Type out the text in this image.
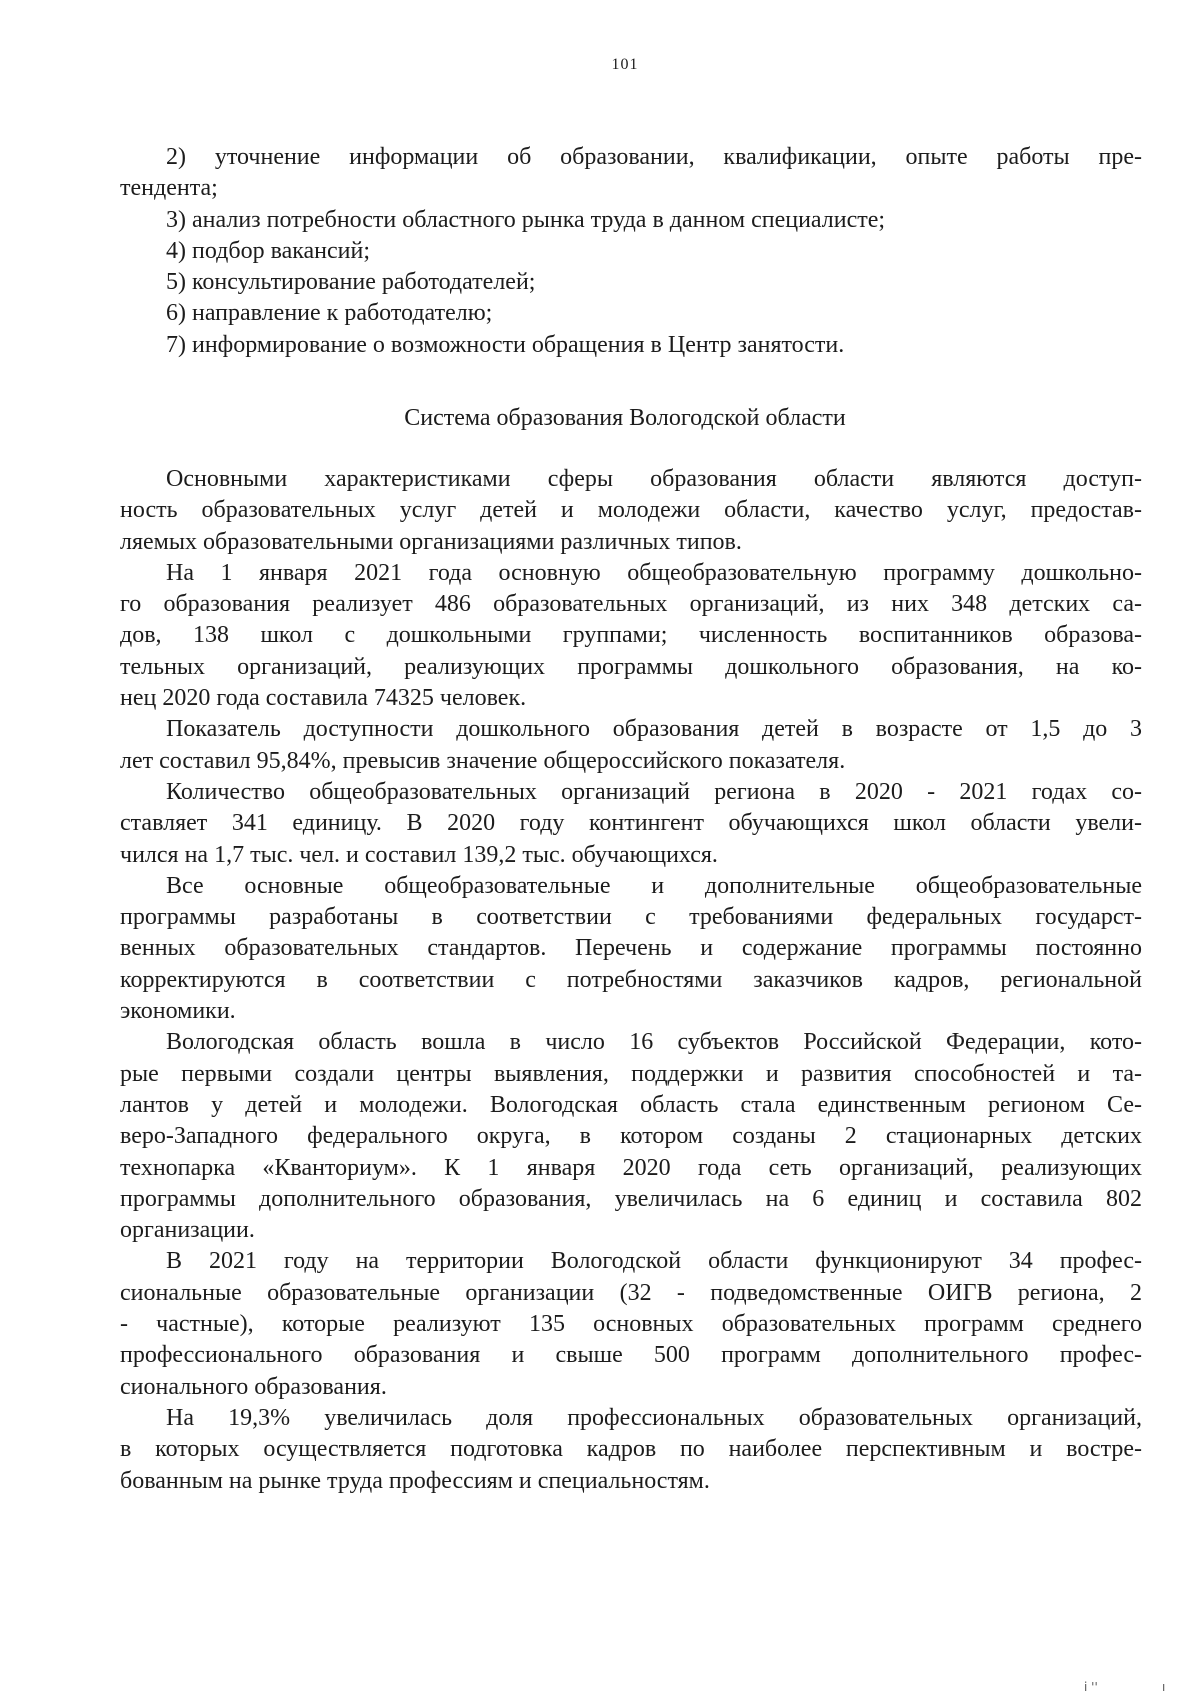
101
2) уточнение информации об образовании, квалификации, опыте работы пре-
тендента;
3) анализ потребности областного рынка труда в данном специалисте;
4) подбор вакансий;
5) консультирование работодателей;
6) направление к работодателю;
7) информирование о возможности обращения в Центр занятости.
Система образования Вологодской области
Основными характеристиками сферы образования области являются доступ-
ность образовательных услуг детей и молодежи области, качество услуг, предостав-
ляемых образовательными организациями различных типов.
На 1 января 2021 года основную общеобразовательную программу дошкольно-
го образования реализует 486 образовательных организаций, из них 348 детских са-
дов, 138 школ с дошкольными группами; численность воспитанников образова-
тельных организаций, реализующих программы дошкольного образования, на ко-
нец 2020 года составила 74325 человек.
Показатель доступности дошкольного образования детей в возрасте от 1,5 до 3
лет составил 95,84%, превысив значение общероссийского показателя.
Количество общеобразовательных организаций региона в 2020 - 2021 годах со-
ставляет 341 единицу. В 2020 году контингент обучающихся школ области увели-
чился на 1,7 тыс. чел. и составил 139,2 тыс. обучающихся.
Все основные общеобразовательные и дополнительные общеобразовательные
программы разработаны в соответствии с требованиями федеральных государст-
венных образовательных стандартов. Перечень и содержание программы постоянно
корректируются в соответствии с потребностями заказчиков кадров, региональной
экономики.
Вологодская область вошла в число 16 субъектов Российской Федерации, кото-
рые первыми создали центры выявления, поддержки и развития способностей и та-
лантов у детей и молодежи. Вологодская область стала единственным регионом Се-
веро-Западного федерального округа, в котором созданы 2 стационарных детских
технопарка «Кванториум». К 1 января 2020 года сеть организаций, реализующих
программы дополнительного образования, увеличилась на 6 единиц и составила 802
организации.
В 2021 году на территории Вологодской области функционируют 34 профес-
сиональные образовательные организации (32 - подведомственные ОИГВ региона, 2
- частные), которые реализуют 135 основных образовательных программ среднего
профессионального образования и свыше 500 программ дополнительного профес-
сионального образования.
На 19,3% увеличилась доля профессиональных образовательных организаций,
в которых осуществляется подготовка кадров по наиболее перспективным и востре-
бованным на рынке труда профессиям и специальностям.
i ''	ı
